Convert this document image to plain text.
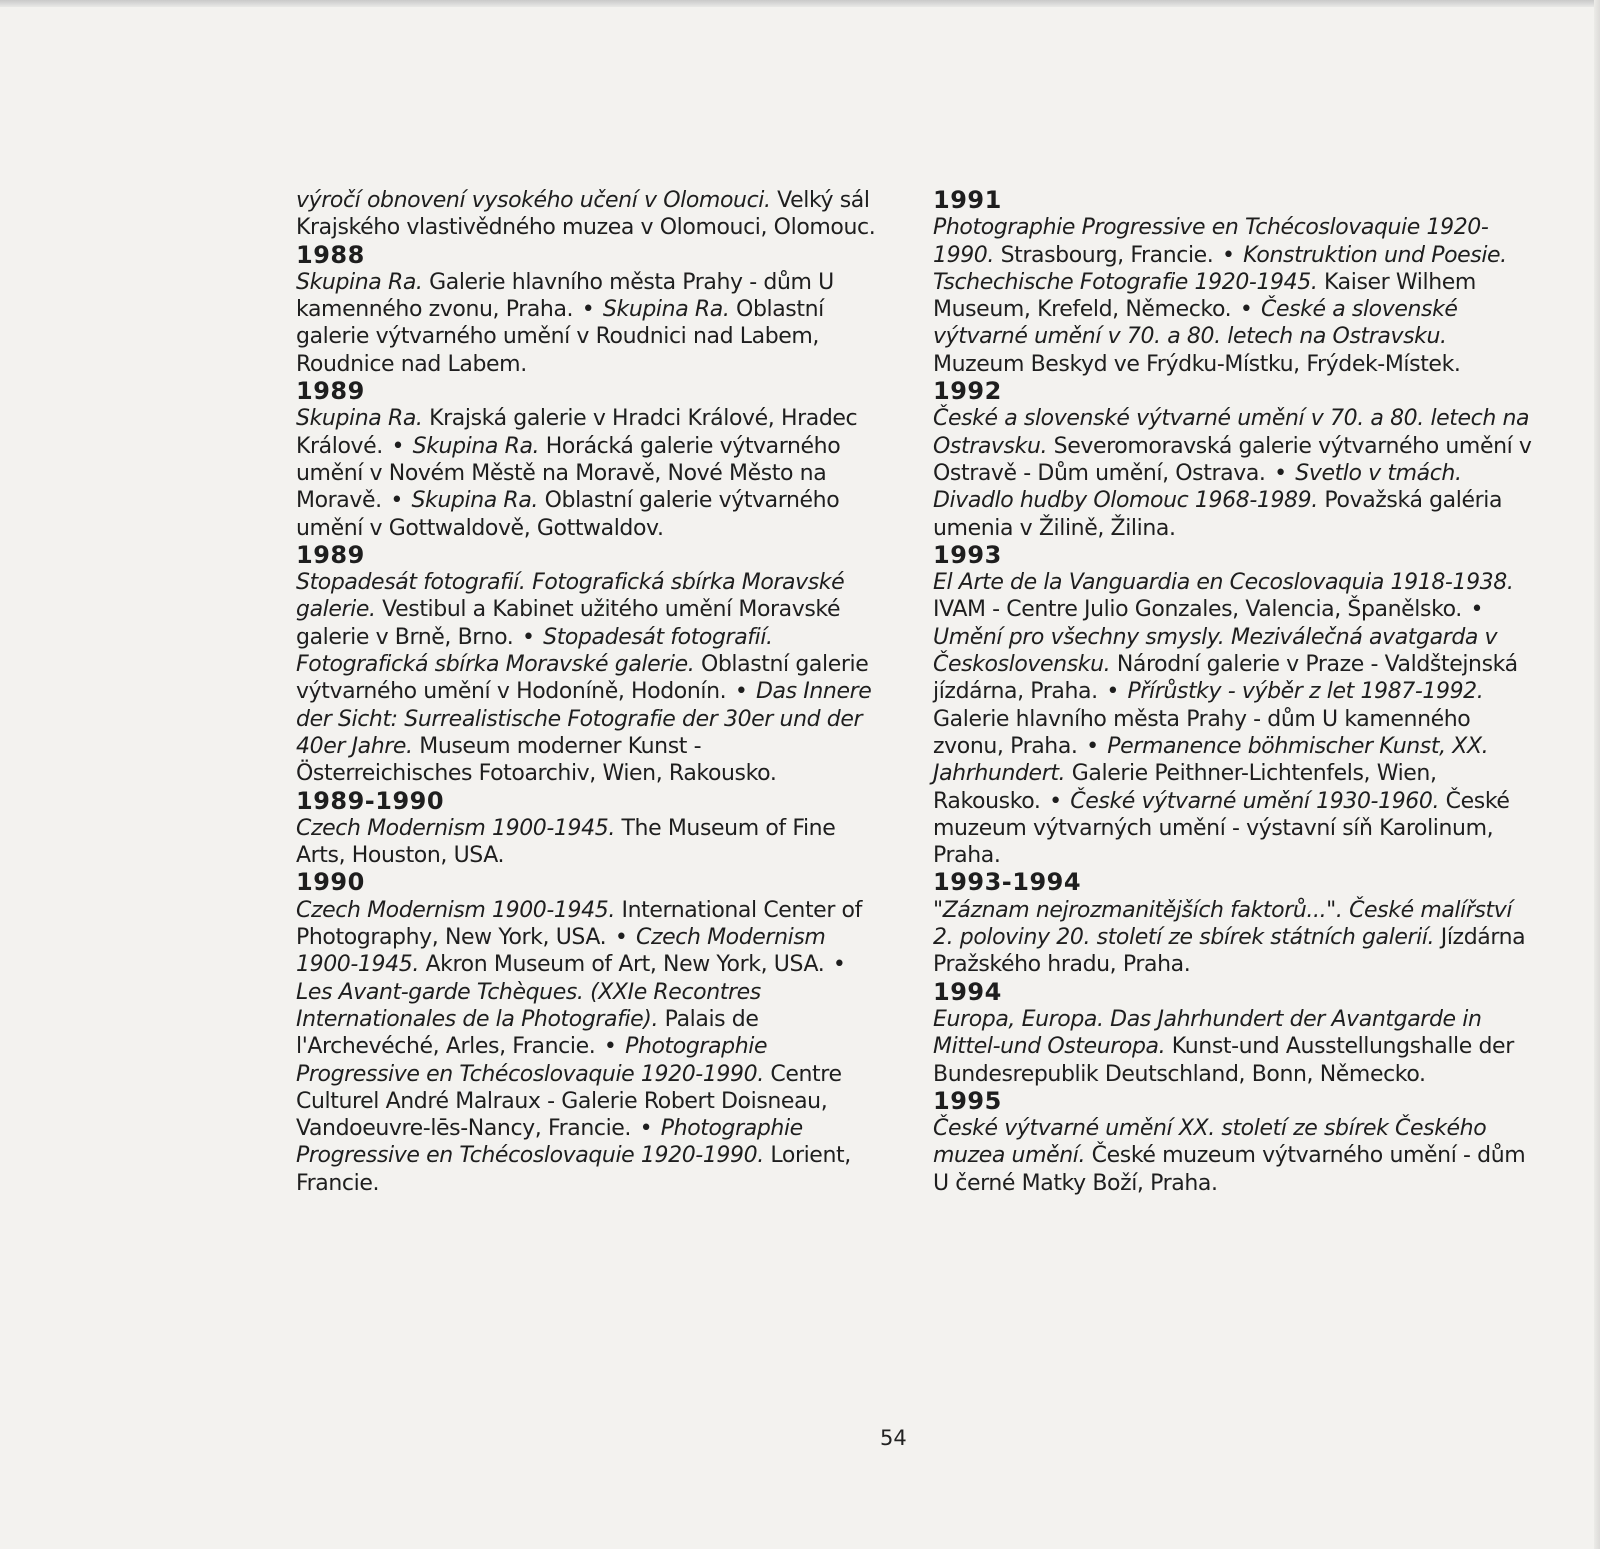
výročí obnovení vysokého učení v Olomouci. Velký sál Krajského vlastivědného muzea v Olomouci, Olomouc.
1988
Skupina Ra. Galerie hlavního města Prahy - dům U kamenného zvonu, Praha. • Skupina Ra. Oblastní galerie výtvarného umění v Roudnici nad Labem, Roudnice nad Labem.
1989
Skupina Ra. Krajská galerie v Hradci Králové, Hradec Králové. • Skupina Ra. Horácká galerie výtvarného umění v Novém Městě na Moravě, Nové Město na Moravě. • Skupina Ra. Oblastní galerie výtvarného umění v Gottwaldově, Gottwaldov.
1989
Stopadesát fotografií. Fotografická sbírka Moravské galerie. Vestibul a Kabinet užitého umění Moravské galerie v Brně, Brno. • Stopadesát fotografií. Fotografická sbírka Moravské galerie. Oblastní galerie výtvarného umění v Hodoníně, Hodonín. • Das Innere der Sicht: Surrealistische Fotografie der 30er und der 40er Jahre. Museum moderner Kunst - Österreichisches Fotoarchiv, Wien, Rakousko.
1989-1990
Czech Modernism 1900-1945. The Museum of Fine Arts, Houston, USA.
1990
Czech Modernism 1900-1945. International Center of Photography, New York, USA. • Czech Modernism 1900-1945. Akron Museum of Art, New York, USA. • Les Avant-garde Tchèques. (XXIe Recontres Internationales de la Photografie). Palais de l'Archevéché, Arles, Francie. • Photographie Progressive en Tchécoslovaquie 1920-1990. Centre Culturel André Malraux - Galerie Robert Doisneau, Vandoeuvre-lēs-Nancy, Francie. • Photographie Progressive en Tchécoslovaquie 1920-1990. Lorient, Francie.
1991
Photographie Progressive en Tchécoslovaquie 1920-1990. Strasbourg, Francie. • Konstruktion und Poesie. Tschechische Fotografie 1920-1945. Kaiser Wilhem Museum, Krefeld, Německo. • České a slovenské výtvarné umění v 70. a 80. letech na Ostravsku. Muzeum Beskyd ve Frýdku-Místku, Frýdek-Místek.
1992
České a slovenské výtvarné umění v 70. a 80. letech na Ostravsku. Severomoravská galerie výtvarného umění v Ostravě - Dům umění, Ostrava. • Svetlo v tmách. Divadlo hudby Olomouc 1968-1989. Považská galéria umenia v Žilině, Žilina.
1993
El Arte de la Vanguardia en Cecoslovaquia 1918-1938. IVAM - Centre Julio Gonzales, Valencia, Španělsko. • Umění pro všechny smysly. Meziválečná avatgarda v Československu. Národní galerie v Praze - Valdštejnská jízdárna, Praha. • Přírůstky - výběr z let 1987-1992. Galerie hlavního města Prahy - dům U kamenného zvonu, Praha. • Permanence böhmischer Kunst, XX. Jahrhundert. Galerie Peithner-Lichtenfels, Wien, Rakousko. • České výtvarné umění 1930-1960. České muzeum výtvarných umění - výstavní síň Karolinum, Praha.
1993-1994
"Záznam nejrozmanitějších faktorů...". České malířství 2. poloviny 20. století ze sbírek státních galerií. Jízdárna Pražského hradu, Praha.
1994
Europa, Europa. Das Jahrhundert der Avantgarde in Mittel-und Osteuropa. Kunst-und Ausstellungshalle der Bundesrepublik Deutschland, Bonn, Německo.
1995
České výtvarné umění XX. století ze sbírek Českého muzea umění. České muzeum výtvarného umění - dům U černé Matky Boží, Praha.
54
